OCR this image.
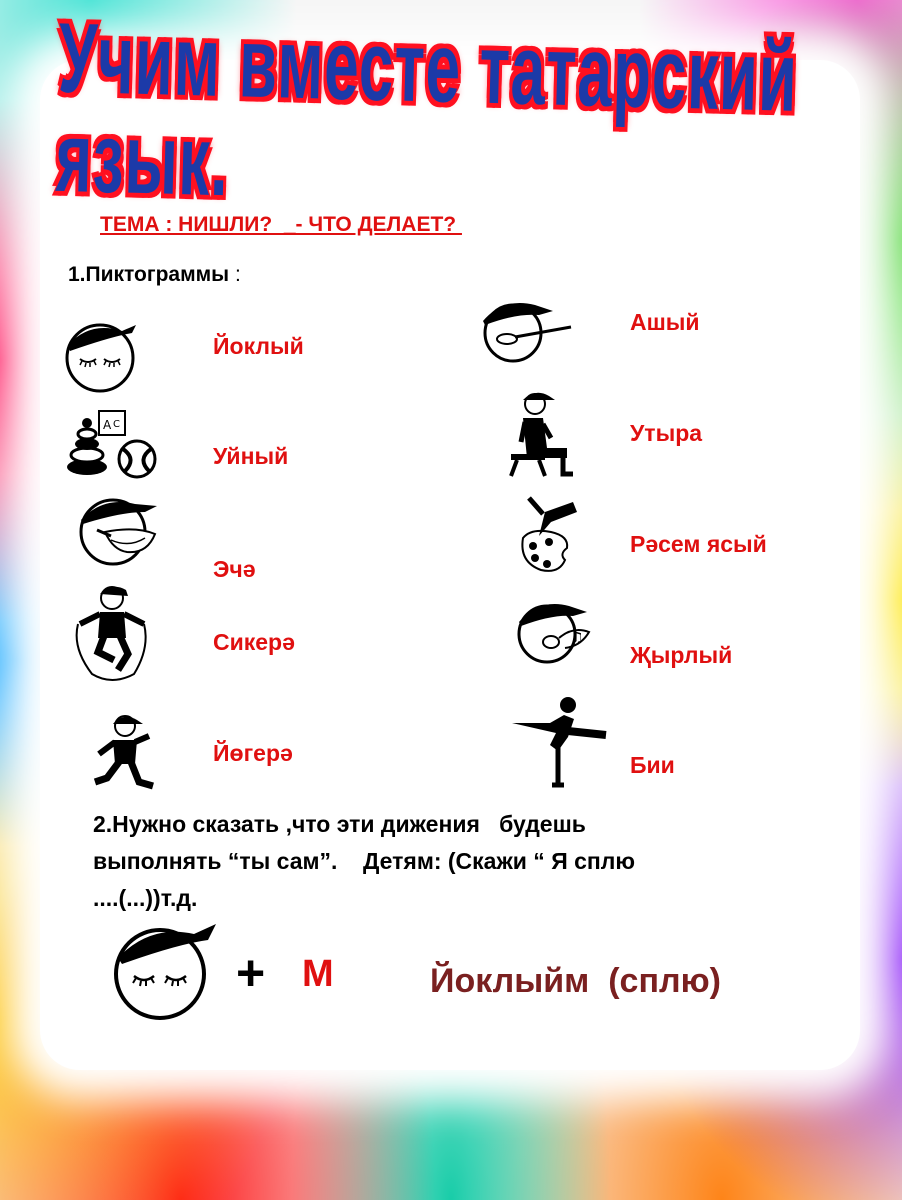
Учим вместе татарский язык.
ТЕМА : НИШЛИ?  _- ЧТО ДЕЛАЕТ?
1.Пиктограммы :
Йоклый
A C
Уйный
Эчә
Сикерә
Йөгерә
Ашый
Утыра
Рәсем ясый
♫
Җырлый
Бии
2.Нужно сказать ,что эти дижения   будешь
выполнять “ты сам”.    Детям: (Скажи “ Я сплю
....(...))т.д.
+ М	Йоклыйм  (сплю)
